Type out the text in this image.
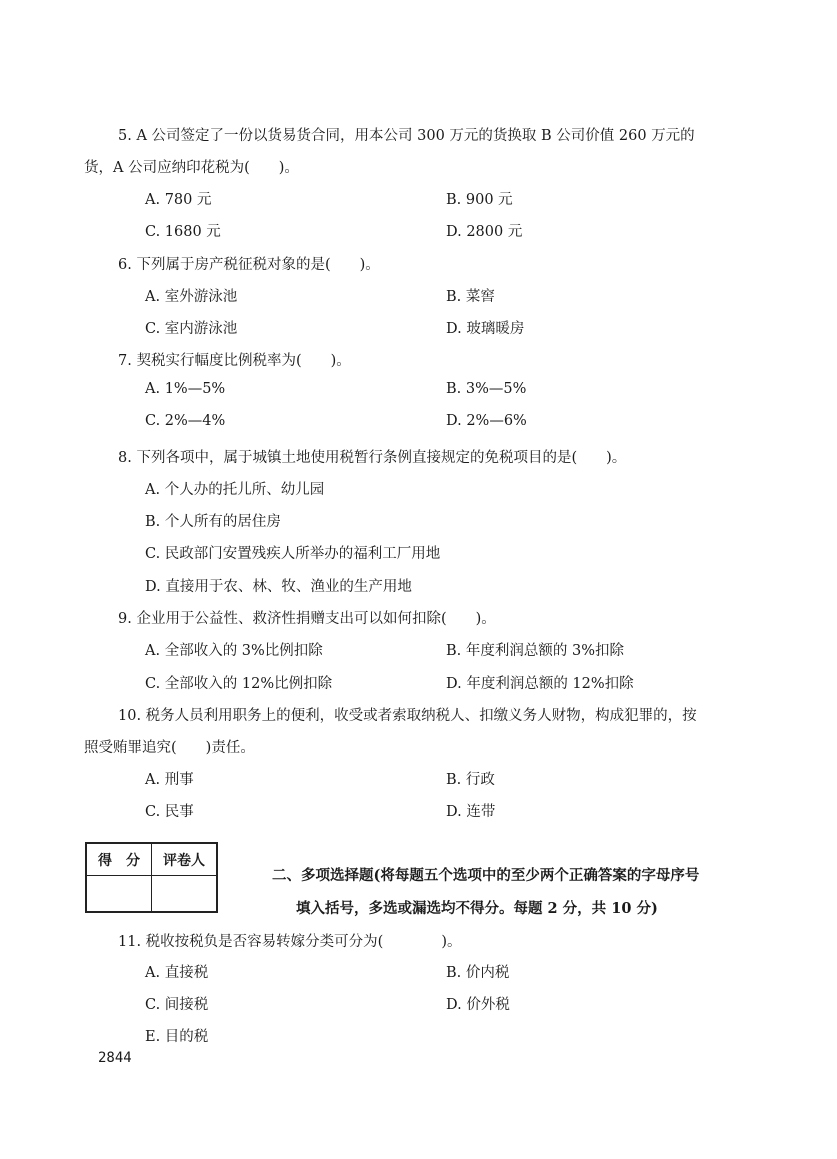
5. A 公司签定了一份以货易货合同，用本公司 300 万元的货换取 B 公司价值 260 万元的
货，A 公司应纳印花税为(　　)。
A. 780 元	B. 900 元
C. 1680 元	D. 2800 元
6. 下列属于房产税征税对象的是(　　)。
A. 室外游泳池	B. 菜窖
C. 室内游泳池	D. 玻璃暖房
7. 契税实行幅度比例税率为(　　)。
A. 1%—5%	B. 3%—5%
C. 2%—4%	D. 2%—6%
8. 下列各项中，属于城镇土地使用税暂行条例直接规定的免税项目的是(　　)。
A. 个人办的托儿所、幼儿园
B. 个人所有的居住房
C. 民政部门安置残疾人所举办的福利工厂用地
D. 直接用于农、林、牧、渔业的生产用地
9. 企业用于公益性、救济性捐赠支出可以如何扣除(　　)。
A. 全部收入的 3%比例扣除	B. 年度利润总额的 3%扣除
C. 全部收入的 12%比例扣除	D. 年度利润总额的 12%扣除
10. 税务人员利用职务上的便利，收受或者索取纳税人、扣缴义务人财物，构成犯罪的，按
照受贿罪追究(　　)责任。
A. 刑事	B. 行政
C. 民事	D. 连带
得　分	评卷人

二、多项选择题(将每题五个选项中的至少两个正确答案的字母序号
填入括号，多选或漏选均不得分。每题 2 分，共 10 分)
11. 税收按税负是否容易转嫁分类可分为(　　　　)。
A. 直接税	B. 价内税
C. 间接税	D. 价外税
E. 目的税
2844
